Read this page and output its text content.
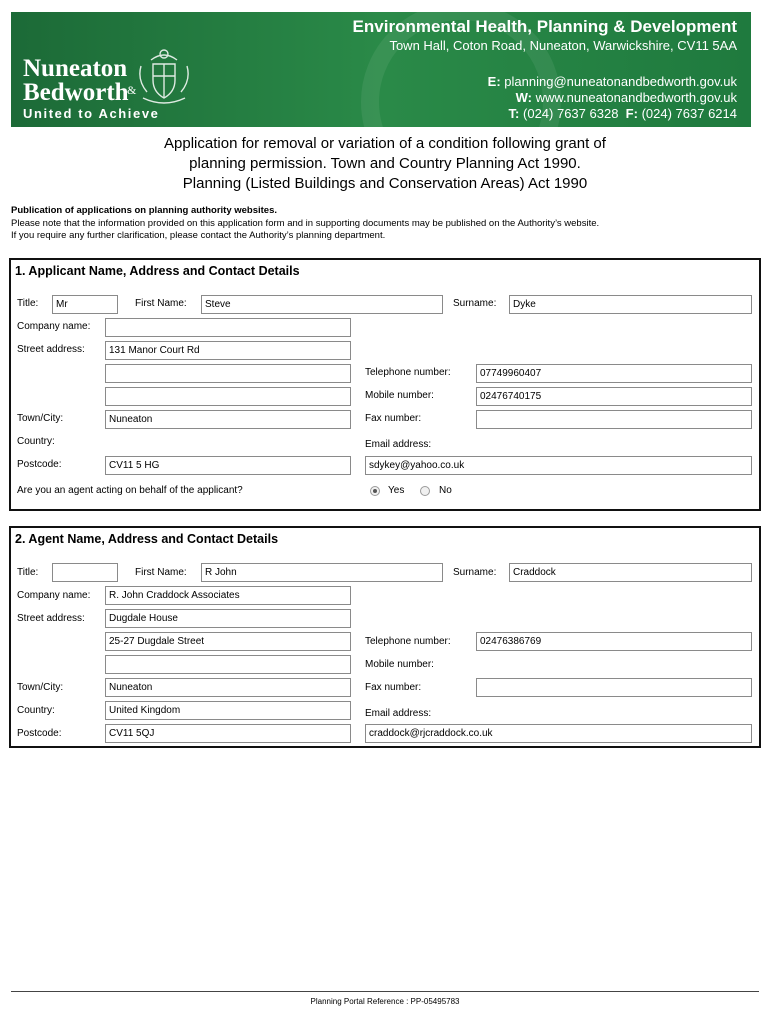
Nuneaton
&
Bedworth
United to Achieve
Environmental Health, Planning & Development
Town Hall, Coton Road, Nuneaton, Warwickshire, CV11 5AA
E: planning@nuneatonandbedworth.gov.uk
W: www.nuneatonandbedworth.gov.uk
T: (024) 7637 6328 F: (024) 7637 6214
Application for removal or variation of a condition following grant of
planning permission. Town and Country Planning Act 1990.
Planning (Listed Buildings and Conservation Areas) Act 1990
Publication of applications on planning authority websites.
Please note that the information provided on this application form and in supporting documents may be published on the Authority’s website.
If you require any further clarification, please contact the Authority’s planning department.
1. Applicant Name, Address and Contact Details
Title:	Mr	First Name:	Steve	Surname:	Dyke
Company name:
Street address:	131 Manor Court Rd
Telephone number:	07749960407
Mobile number:	02476740175
Town/City:	Nuneaton	Fax number:
Country:	Email address:
Postcode:	CV11 5 HG	sdykey@yahoo.co.uk
Are you an agent acting on behalf of the applicant?	Yes	No
2. Agent Name, Address and Contact Details
Title:	First Name:	R John	Surname:	Craddock
Company name:	R. John Craddock Associates
Street address:	Dugdale House
25-27 Dugdale Street	Telephone number:	02476386769
Mobile number:
Town/City:	Nuneaton	Fax number:
Country:	United Kingdom	Email address:
Postcode:	CV11 5QJ	craddock@rjcraddock.co.uk
Planning Portal Reference : PP-05495783
